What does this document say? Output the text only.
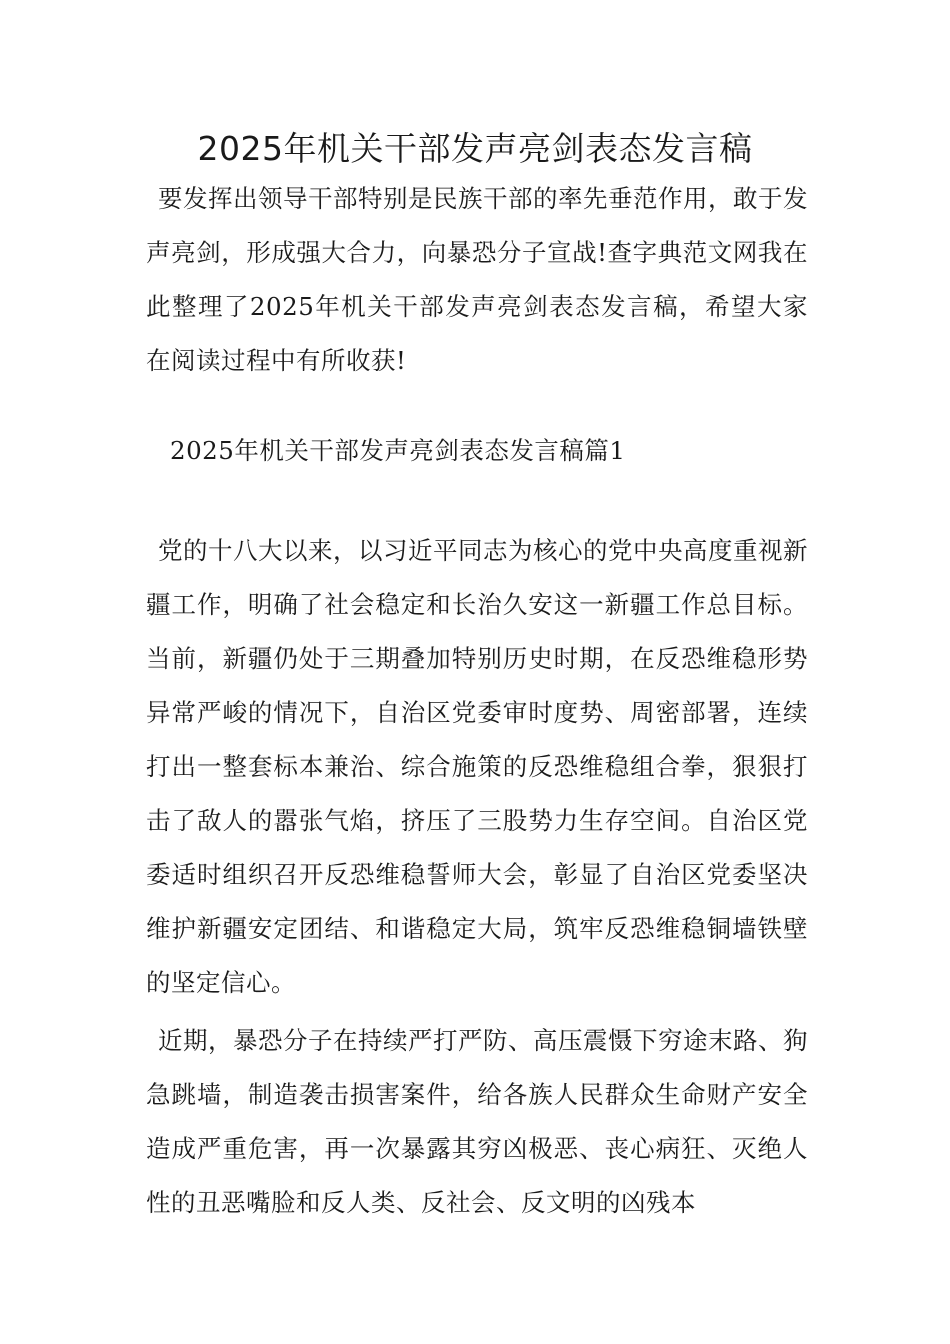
2025年机关干部发声亮剑表态发言稿

要发挥出领导干部特别是民族干部的率先垂范作用，敢于发声亮剑，形成强大合力，向暴恐分子宣战!查字典范文网我在此整理了2025年机关干部发声亮剑表态发言稿，希望大家在阅读过程中有所收获!

2025年机关干部发声亮剑表态发言稿篇1

党的十八大以来，以习近平同志为核心的党中央高度重视新疆工作，明确了社会稳定和长治久安这一新疆工作总目标。当前，新疆仍处于三期叠加特别历史时期，在反恐维稳形势异常严峻的情况下，自治区党委审时度势、周密部署，连续打出一整套标本兼治、综合施策的反恐维稳组合拳，狠狠打击了敌人的嚣张气焰，挤压了三股势力生存空间。自治区党委适时组织召开反恐维稳誓师大会，彰显了自治区党委坚决维护新疆安定团结、和谐稳定大局，筑牢反恐维稳铜墙铁壁的坚定信心。

近期，暴恐分子在持续严打严防、高压震慑下穷途末路、狗急跳墙，制造袭击损害案件，给各族人民群众生命财产安全造成严重危害，再一次暴露其穷凶极恶、丧心病狂、灭绝人性的丑恶嘴脸和反人类、反社会、反文明的凶残本
